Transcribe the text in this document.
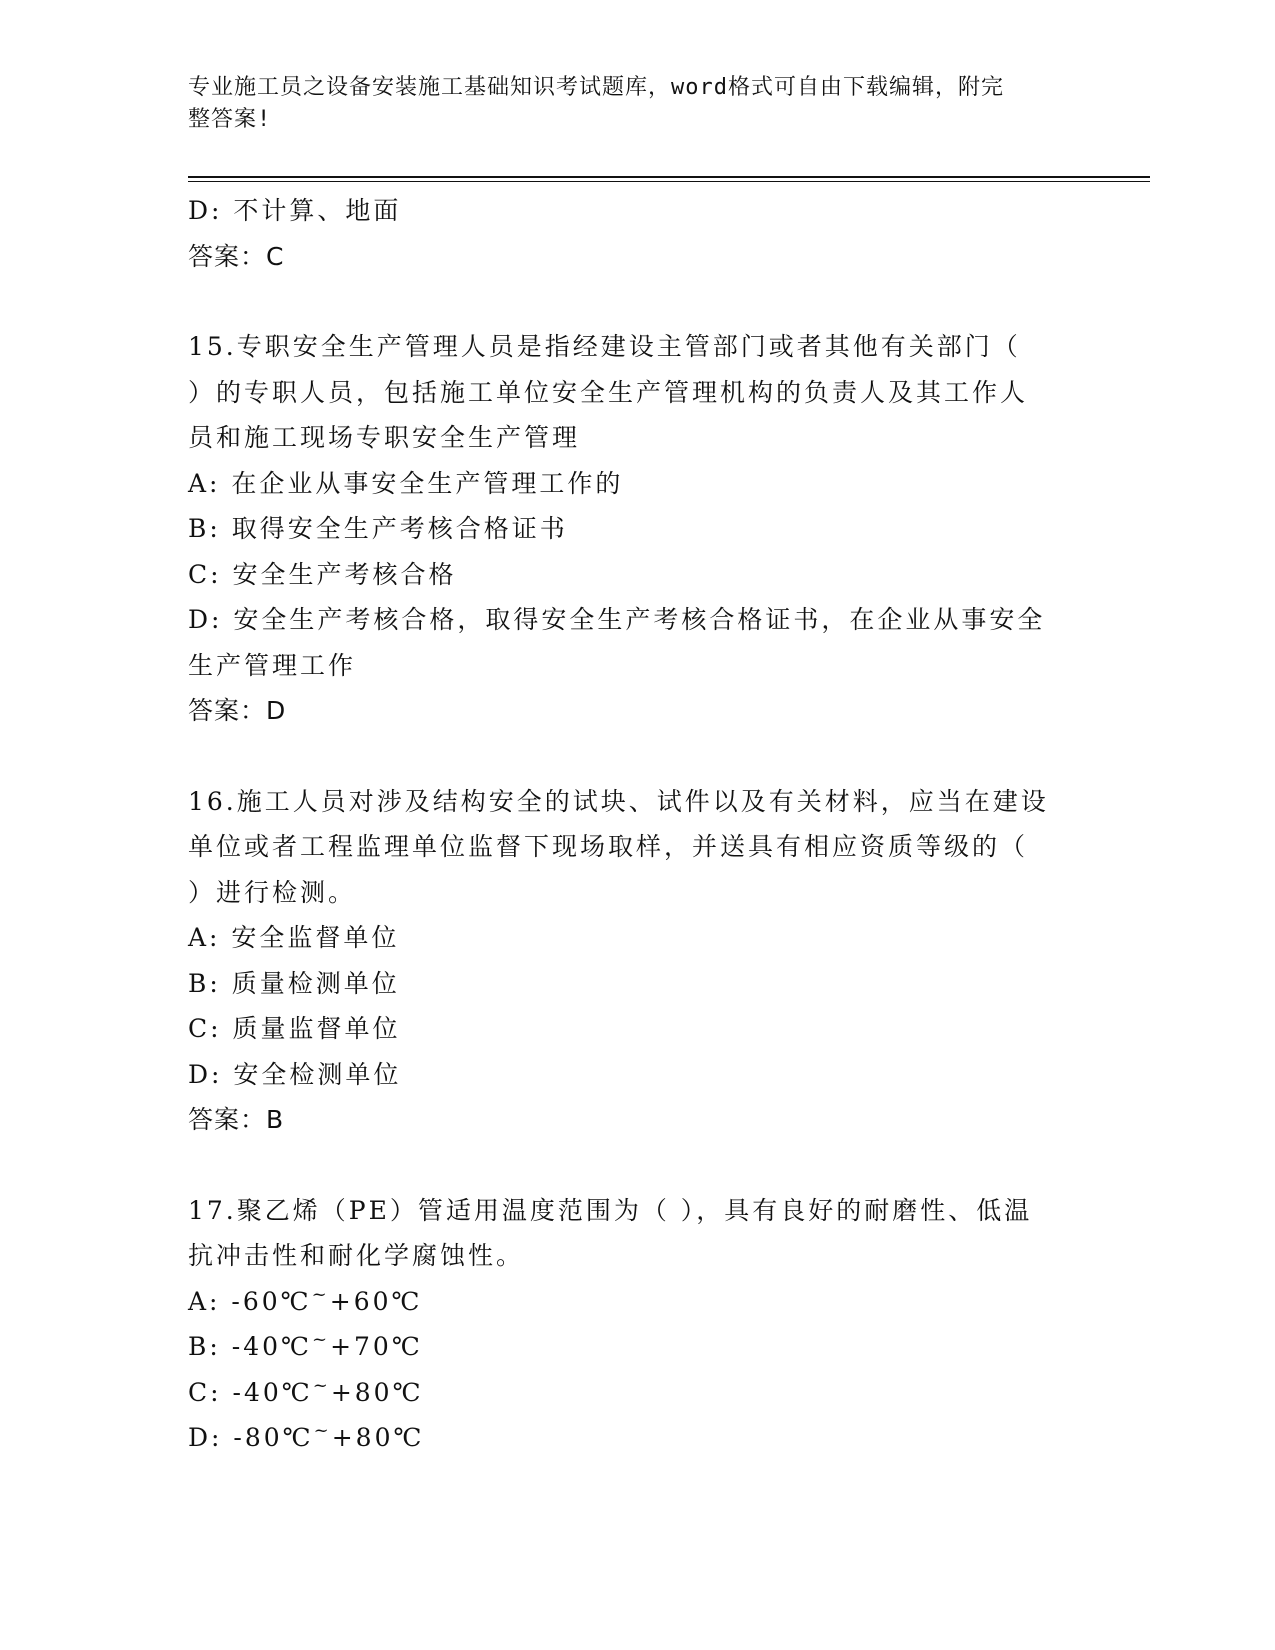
专业施工员之设备安装施工基础知识考试题库，word格式可自由下载编辑，附完
整答案!
D: 不计算、地面
答案：C
15.专职安全生产管理人员是指经建设主管部门或者其他有关部门（
）的专职人员，包括施工单位安全生产管理机构的负责人及其工作人
员和施工现场专职安全生产管理
A: 在企业从事安全生产管理工作的
B: 取得安全生产考核合格证书
C: 安全生产考核合格
D: 安全生产考核合格，取得安全生产考核合格证书，在企业从事安全
生产管理工作
答案：D
16.施工人员对涉及结构安全的试块、试件以及有关材料，应当在建设
单位或者工程监理单位监督下现场取样，并送具有相应资质等级的（
）进行检测。
A: 安全监督单位
B: 质量检测单位
C: 质量监督单位
D: 安全检测单位
答案：B
17.聚乙烯（PE）管适用温度范围为（ ），具有良好的耐磨性、低温
抗冲击性和耐化学腐蚀性。
A: -60℃~+60℃
B: -40℃~+70℃
C: -40℃~+80℃
D: -80℃~+80℃
